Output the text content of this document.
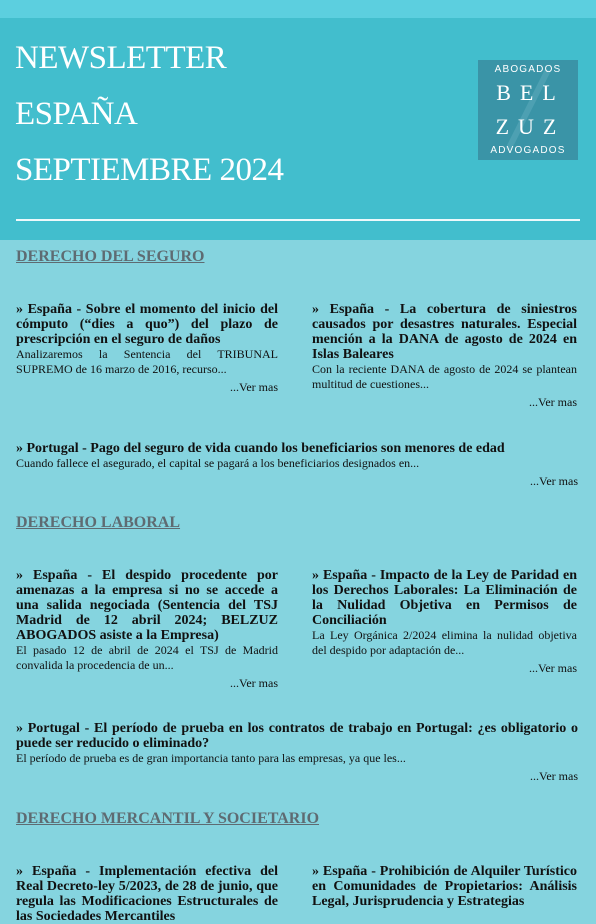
NEWSLETTER
ESPAÑA
SEPTIEMBRE 2024
ABOGADOS
BEL
ZUZ
ADVOGADOS
DERECHO DEL SEGURO
» España - Sobre el momento del inicio del cómputo (“dies a quo”) del plazo de prescripción en el seguro de daños
Analizaremos la Sentencia del TRIBUNAL SUPREMO de 16 marzo de 2016, recurso...
...Ver mas
» España - La cobertura de siniestros causados por desastres naturales. Especial mención a la DANA de agosto de 2024 en Islas Baleares
Con la reciente DANA de agosto de 2024 se plantean multitud de cuestiones...
...Ver mas
» Portugal - Pago del seguro de vida cuando los beneficiarios son menores de edad
Cuando fallece el asegurado, el capital se pagará a los beneficiarios designados en...
...Ver mas
DERECHO LABORAL
» España - El despido procedente por amenazas a la empresa si no se accede a una salida negociada (Sentencia del TSJ Madrid de 12 abril 2024; BELZUZ ABOGADOS asiste a la Empresa)
El pasado 12 de abril de 2024 el TSJ de Madrid convalida la procedencia de un...
...Ver mas
» España - Impacto de la Ley de Paridad en los Derechos Laborales: La Eliminación de la Nulidad Objetiva en Permisos de Conciliación
La Ley Orgánica 2/2024 elimina la nulidad objetiva del despido por adaptación de...
...Ver mas
» Portugal - El período de prueba en los contratos de trabajo en Portugal: ¿es obligatorio o puede ser reducido o eliminado?
El período de prueba es de gran importancia tanto para las empresas, ya que les...
...Ver mas
DERECHO MERCANTIL Y SOCIETARIO
» España - Implementación efectiva del Real Decreto-ley 5/2023, de 28 de junio, que regula las Modificaciones Estructurales de las Sociedades Mercantiles
» España - Prohibición de Alquiler Turístico en Comunidades de Propietarios: Análisis Legal, Jurisprudencia y Estrategias
